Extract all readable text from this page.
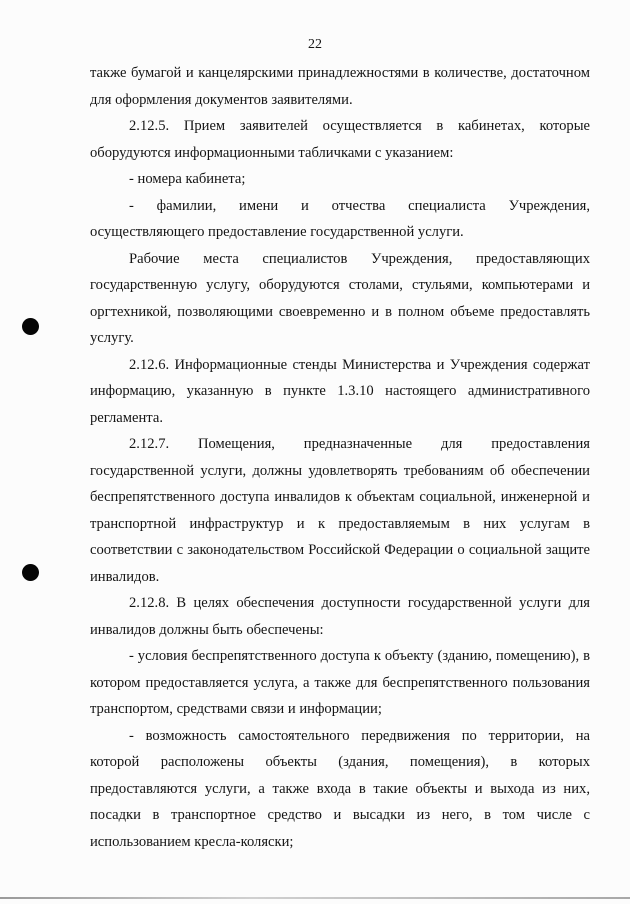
22

также бумагой и канцелярскими принадлежностями в количестве, достаточном для оформления документов заявителями.

2.12.5. Прием заявителей осуществляется в кабинетах, которые оборудуются информационными табличками с указанием:

- номера кабинета;

- фамилии, имени и отчества специалиста Учреждения, осуществляющего предоставление государственной услуги.

Рабочие места специалистов Учреждения, предоставляющих государственную услугу, оборудуются столами, стульями, компьютерами и оргтехникой, позволяющими своевременно и в полном объеме предоставлять услугу.

2.12.6. Информационные стенды Министерства и Учреждения содержат информацию, указанную в пункте 1.3.10 настоящего административного регламента.

2.12.7. Помещения, предназначенные для предоставления государственной услуги, должны удовлетворять требованиям об обеспечении беспрепятственного доступа инвалидов к объектам социальной, инженерной и транспортной инфраструктур и к предоставляемым в них услугам в соответствии с законодательством Российской Федерации о социальной защите инвалидов.

2.12.8. В целях обеспечения доступности государственной услуги для инвалидов должны быть обеспечены:

- условия беспрепятственного доступа к объекту (зданию, помещению), в котором предоставляется услуга, а также для беспрепятственного пользования транспортом, средствами связи и информации;

- возможность самостоятельного передвижения по территории, на которой расположены объекты (здания, помещения), в которых предоставляются услуги, а также входа в такие объекты и выхода из них, посадки в транспортное средство и высадки из него, в том числе с использованием кресла-коляски;
